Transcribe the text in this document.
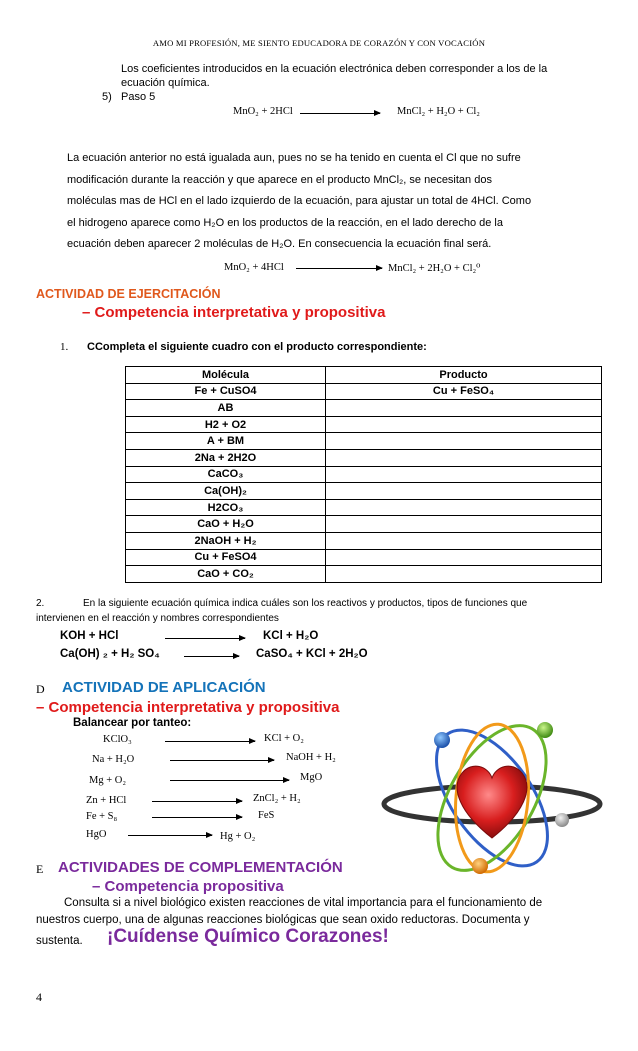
AMO MI PROFESIÓN, ME SIENTO EDUCADORA DE CORAZÓN Y CON VOCACIÓN
Los coeficientes introducidos en la ecuación electrónica deben corresponder a los de la
ecuación química.
5) Paso 5
MnO₂ + 2HCl	MnCl₂ + H₂O + Cl₂
La ecuación anterior no está igualada aun, pues no se ha tenido en cuenta el Cl que no sufre
modificación durante la reacción y que aparece en el producto MnCl₂, se necesitan dos
moléculas mas de HCl en el lado izquierdo de la ecuación, para ajustar un total de 4HCl. Como
el hidrogeno aparece como H₂O en los productos de la reacción, en el lado derecho de la
ecuación deben aparecer 2 moléculas de H₂O. En consecuencia la ecuación final será.
MnO₂ + 4HCl	MnCl₂ + 2H₂O + Cl₂⁰
ACTIVIDAD DE EJERCITACIÓN
– Competencia interpretativa y propositiva
1. CCompleta el siguiente cuadro con el producto correspondiente:
Molécula	Producto
Fe + CuSO4	Cu + FeSO₄
AB	
H2 + O2	
A + BM	
2Na + 2H2O	
CaCO₃	
Ca(OH)₂	
H2CO₃	
CaO + H₂O	
2NaOH + H₂	
Cu + FeSO4	
CaO + CO₂	
2.	En la siguiente ecuación química indica cuáles son los reactivos y productos, tipos de funciones que
intervienen en el reacción y nombres correspondientes
KOH + HCl	KCl + H₂O
Ca(OH) ₂ + H₂ SO₄	CaSO₄ + KCl + 2H₂O
D ACTIVIDAD DE APLICACIÓN
– Competencia interpretativa y propositiva
Balancear por tanteo:
KClO₃	KCl + O₂
Na + H₂O	NaOH + H₂
Mg + O₂	MgO
Zn + HCl	ZnCl₂ + H₂
Fe + S₈	FeS
HgO	Hg + O₂
E ACTIVIDADES DE COMPLEMENTACIÓN
– Competencia propositiva
Consulta si a nivel biológico existen reacciones de vital importancia para el funcionamiento de
nuestros cuerpo, una de algunas reacciones biológicas que sean oxido reductoras. Documenta y
sustenta. ¡Cuídense Químico Corazones!
4
